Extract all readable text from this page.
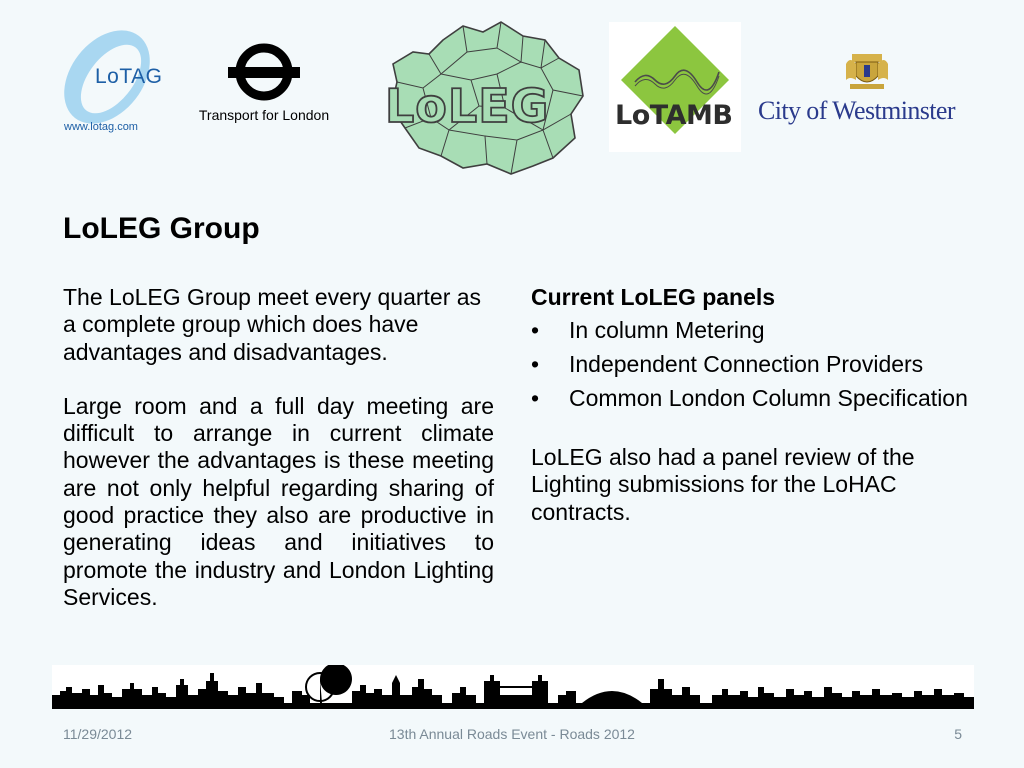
LoTAG
www.lotag.com
Transport for London	LoLEG LoTAMB City of Westminster
LoLEG Group

The LoLEG Group meet every quarter as a complete group which does have advantages and disadvantages.

Large room and a full day meeting are difficult to arrange in current climate however the advantages is these meeting are not only helpful regarding sharing of good practice they also are productive in generating ideas and initiatives to promote the industry and London Lighting Services.

Current LoLEG panels

• In column Metering
• Independent Connection Providers
• Common London Column Specification

LoLEG also had a panel review of the Lighting submissions for the LoHAC contracts.

11/29/2012	13th Annual Roads Event - Roads 2012	5
